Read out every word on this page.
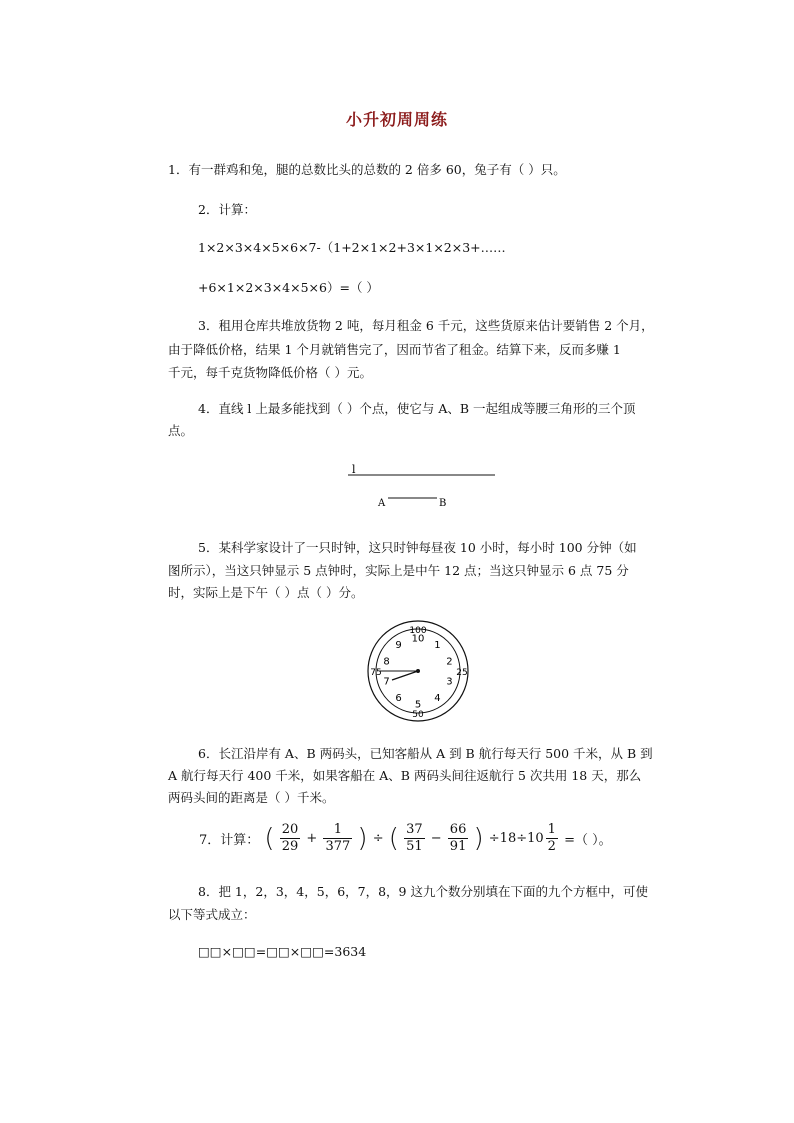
小升初周周练
1．有一群鸡和兔，腿的总数比头的总数的 2 倍多 60，兔子有（ ）只。
2．计算：
1×2×3×4×5×6×7-（1+2×1×2+3×1×2×3+……
+6×1×2×3×4×5×6）=（ ）
3．租用仓库共堆放货物 2 吨，每月租金 6 千元，这些货原来估计要销售 2 个月，
由于降低价格，结果 1 个月就销售完了，因而节省了租金。结算下来，反而多赚 1
千元，每千克货物降低价格（ ）元。
4．直线 l 上最多能找到（ ）个点，使它与 A、B 一起组成等腰三角形的三个顶
点。
l
A	B
5．某科学家设计了一只时钟，这只时钟每昼夜 10 小时，每小时 100 分钟（如
图所示），当这只钟显示 5 点钟时，实际上是中午 12 点；当这只钟显示 6 点 75 分
时，实际上是下午（ ）点（ ）分。
10
1
2
3
4
5
6
7
8
9
100
25
50
75
6．长江沿岸有 A、B 两码头，已知客船从 A 到 B 航行每天行 500 千米，从 B 到
A 航行每天行 400 千米，如果客船在 A、B 两码头间往返航行 5 次共用 18 天，那么
两码头间的距离是（ ）千米。
7．计算： ( $\frac{20}{29} + \frac{1}{377}$ ) ÷ ( $\frac{37}{51} - \frac{66}{91}$ ) $\div 18\div 10 \frac{1}{2}$ =（ ）。
8．把 1，2，3，4，5，6，7，8，9 这九个数分别填在下面的九个方框中，可使
以下等式成立：
□□×□□=□□×□□=3634
